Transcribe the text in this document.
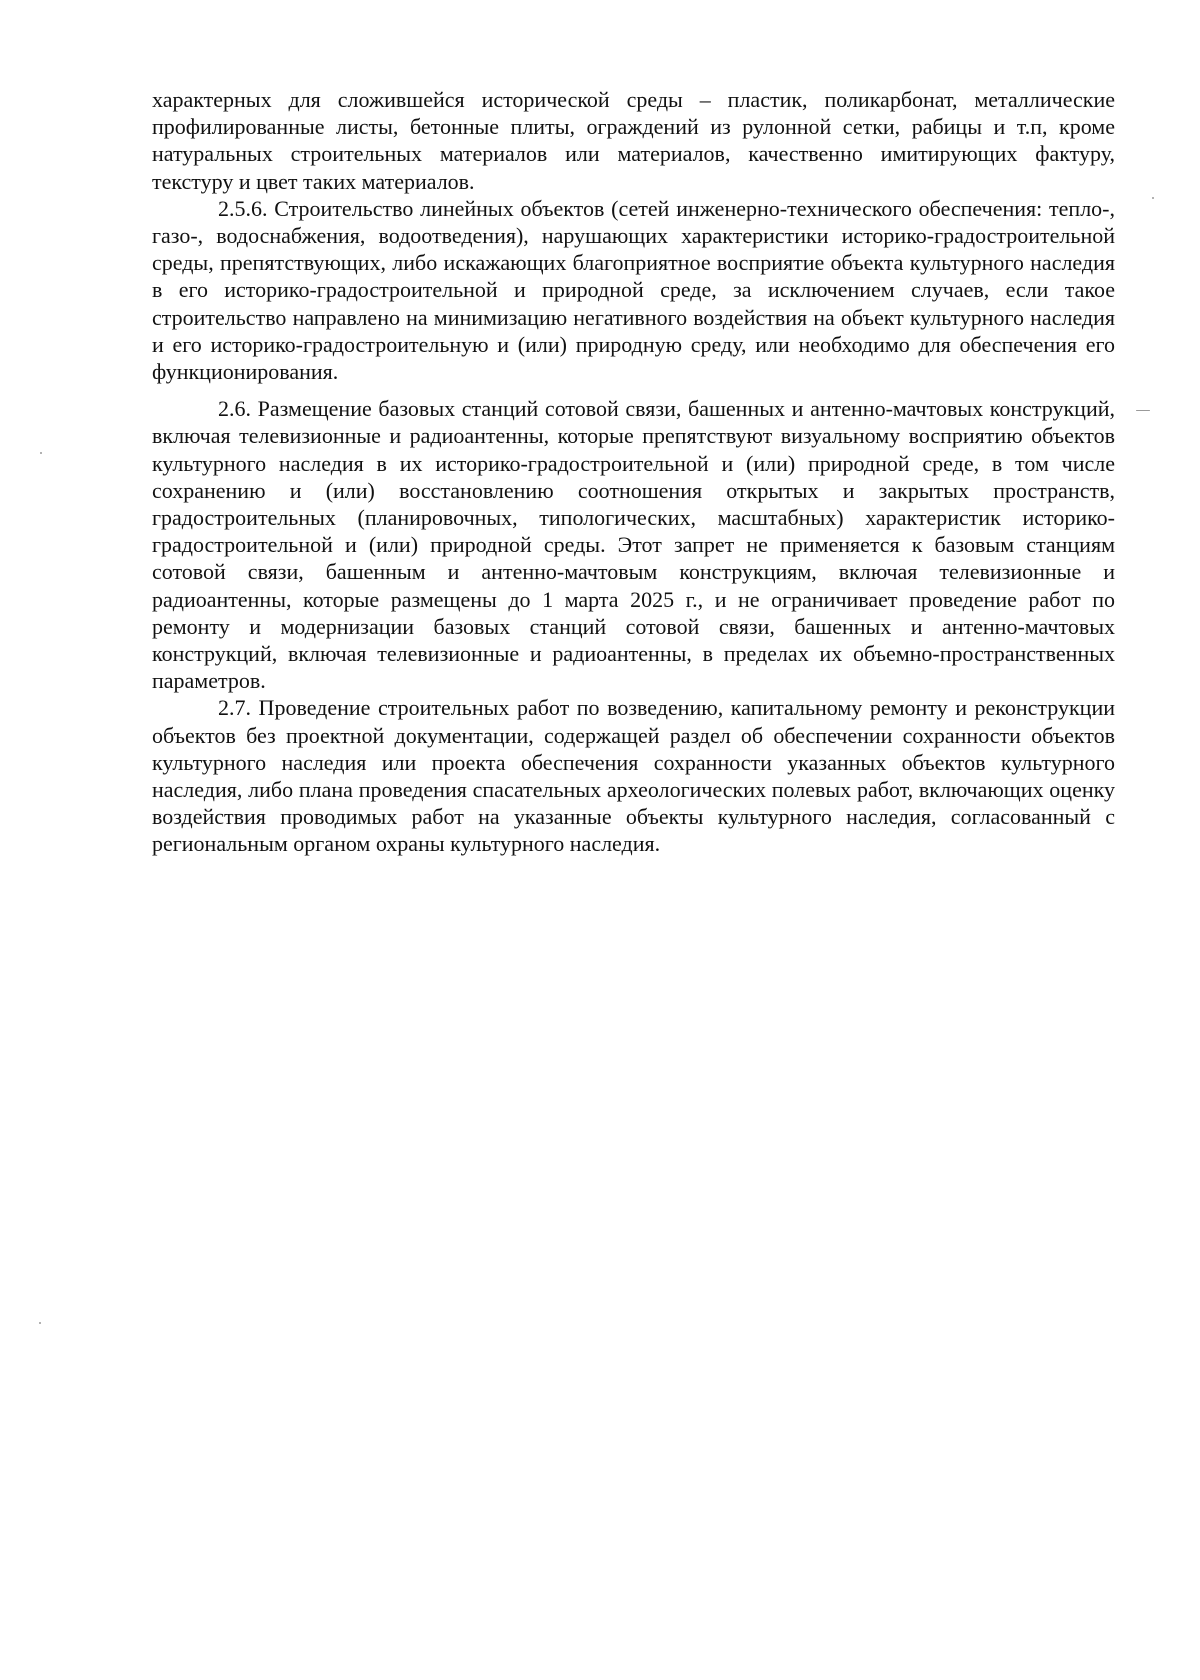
характерных для сложившейся исторической среды – пластик, поликарбонат, металлические профилированные листы, бетонные плиты, ограждений из рулонной сетки, рабицы и т.п, кроме натуральных строительных материалов или материалов, качественно имитирующих фактуру, текстуру и цвет таких материалов.

2.5.6. Строительство линейных объектов (сетей инженерно-технического обеспечения: тепло-, газо-, водоснабжения, водоотведения), нарушающих характеристики историко-градостроительной среды, препятствующих, либо искажающих благоприятное восприятие объекта культурного наследия в его историко-градостроительной и природной среде, за исключением случаев, если такое строительство направлено на минимизацию негативного воздействия на объект культурного наследия и его историко-градостроительную и (или) природную среду, или необходимо для обеспечения его функционирования.

2.6. Размещение базовых станций сотовой связи, башенных и антенно-мачтовых конструкций, включая телевизионные и радиоантенны, которые препятствуют визуальному восприятию объектов культурного наследия в их историко-градостроительной и (или) природной среде, в том числе сохранению и (или) восстановлению соотношения открытых и закрытых пространств, градостроительных (планировочных, типологических, масштабных) характеристик историко-градостроительной и (или) природной среды. Этот запрет не применяется к базовым станциям сотовой связи, башенным и антенно-мачтовым конструкциям, включая телевизионные и радиоантенны, которые размещены до 1 марта 2025 г., и не ограничивает проведение работ по ремонту и модернизации базовых станций сотовой связи, башенных и антенно-мачтовых конструкций, включая телевизионные и радиоантенны, в пределах их объемно-пространственных параметров.

2.7. Проведение строительных работ по возведению, капитальному ремонту и реконструкции объектов без проектной документации, содержащей раздел об обеспечении сохранности объектов культурного наследия или проекта обеспечения сохранности указанных объектов культурного наследия, либо плана проведения спасательных археологических полевых работ, включающих оценку воздействия проводимых работ на указанные объекты культурного наследия, согласованный с региональным органом охраны культурного наследия.
